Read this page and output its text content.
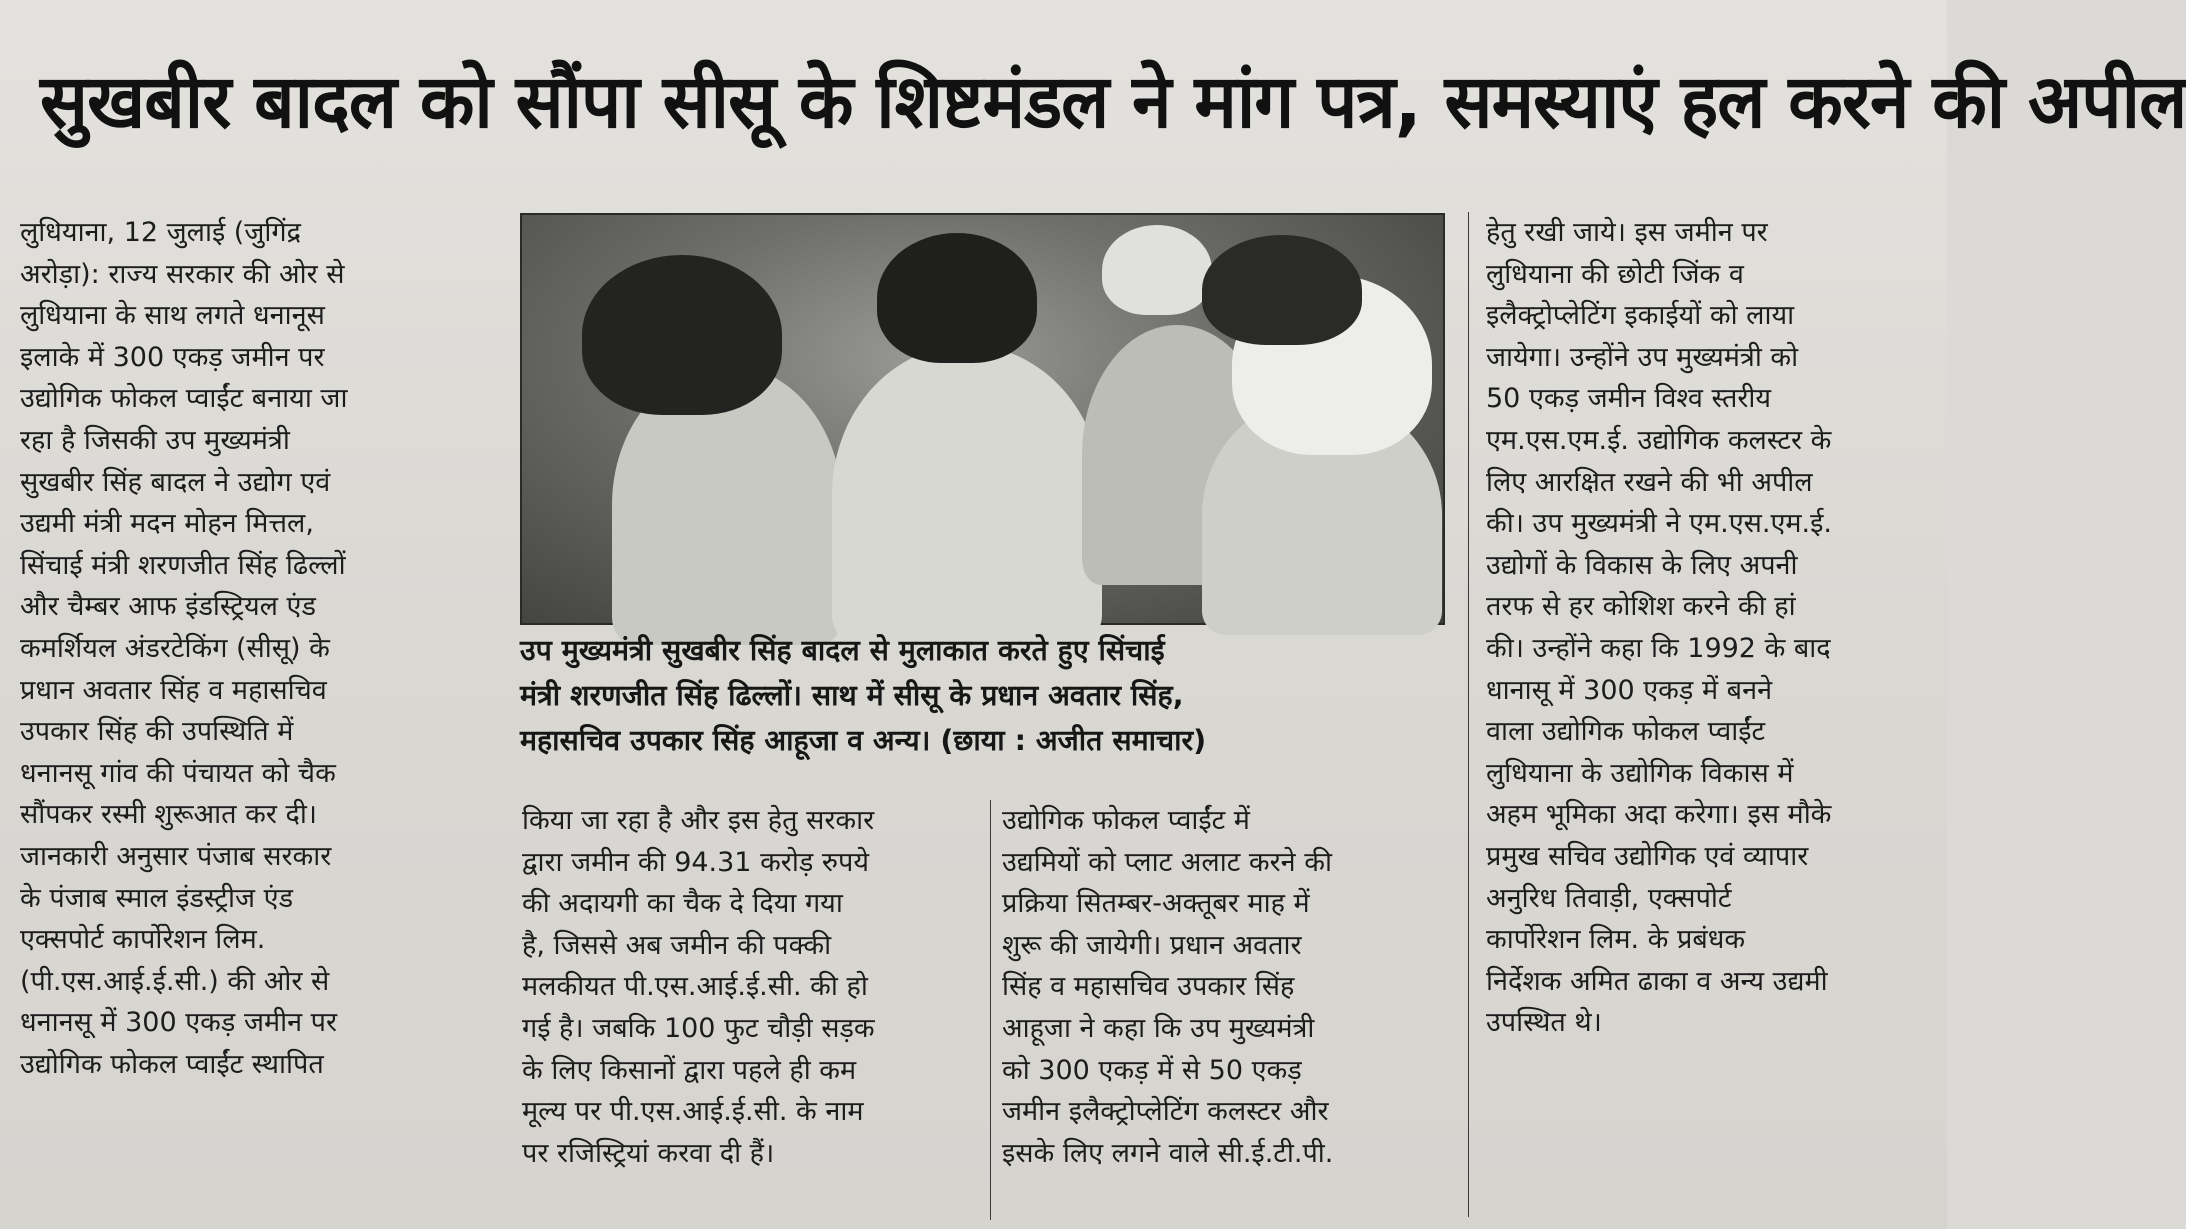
सुखबीर बादल को सौंपा सीसू के शिष्टमंडल ने मांग पत्र, समस्याएं हल करने की अपील

लुधियाना, 12 जुलाई (जुगिंद्र

अरोड़ा): राज्य सरकार की ओर से

लुधियाना के साथ लगते धनानूस

इलाके में 300 एकड़ जमीन पर

उद्योगिक फोकल प्वाईंट बनाया जा

रहा है जिसकी उप मुख्यमंत्री

सुखबीर सिंह बादल ने उद्योग एवं

उद्यमी मंत्री मदन मोहन मित्तल,

सिंचाई मंत्री शरणजीत सिंह ढिल्लों

और चैम्बर आफ इंडस्ट्रियल एंड

कमर्शियल अंडरटेकिंग (सीसू) के

प्रधान अवतार सिंह व महासचिव

उपकार सिंह की उपस्थिति में

धनानसू गांव की पंचायत को चैक

सौंपकर रस्मी शुरूआत कर दी।

जानकारी अनुसार पंजाब सरकार

के पंजाब स्माल इंडस्ट्रीज एंड

एक्सपोर्ट कार्पोरेशन लिम.

(पी.एस.आई.ई.सी.) की ओर से

धनानसू में 300 एकड़ जमीन पर

उद्योगिक फोकल प्वाईंट स्थापित

उप मुख्यमंत्री सुखबीर सिंह बादल से मुलाकात करते हुए सिंचाई
मंत्री शरणजीत सिंह ढिल्लों। साथ में सीसू के प्रधान अवतार सिंह,
महासचिव उपकार सिंह आहूजा व अन्य। (छाया : अजीत समाचार)

किया जा रहा है और इस हेतु सरकार

द्वारा जमीन की 94.31 करोड़ रुपये

की अदायगी का चैक दे दिया गया

है, जिससे अब जमीन की पक्की

मलकीयत पी.एस.आई.ई.सी. की हो

गई है। जबकि 100 फुट चौड़ी सड़क

के लिए किसानों द्वारा पहले ही कम

मूल्य पर पी.एस.आई.ई.सी. के नाम

पर रजिस्ट्रियां करवा दी हैं।

उद्योगिक फोकल प्वाईंट में

उद्यमियों को प्लाट अलाट करने की

प्रक्रिया सितम्बर-अक्तूबर माह में

शुरू की जायेगी। प्रधान अवतार

सिंह व महासचिव उपकार सिंह

आहूजा ने कहा कि उप मुख्यमंत्री

को 300 एकड़ में से 50 एकड़

जमीन इलैक्ट्रोप्लेटिंग कलस्टर और

इसके लिए लगने वाले सी.ई.टी.पी.

हेतु रखी जाये। इस जमीन पर

लुधियाना की छोटी जिंक व

इलैक्ट्रोप्लेटिंग इकाईयों को लाया

जायेगा। उन्होंने उप मुख्यमंत्री को

50 एकड़ जमीन विश्व स्तरीय

एम.एस.एम.ई. उद्योगिक कलस्टर के

लिए आरक्षित रखने की भी अपील

की। उप मुख्यमंत्री ने एम.एस.एम.ई.

उद्योगों के विकास के लिए अपनी

तरफ से हर कोशिश करने की हां

की। उन्होंने कहा कि 1992 के बाद

धानासू में 300 एकड़ में बनने

वाला उद्योगिक फोकल प्वाईंट

लुधियाना के उद्योगिक विकास में

अहम भूमिका अदा करेगा। इस मौके

प्रमुख सचिव उद्योगिक एवं व्यापार

अनुरिध तिवाड़ी, एक्सपोर्ट

कार्पोरेशन लिम. के प्रबंधक

निर्देशक अमित ढाका व अन्य उद्यमी

उपस्थित थे।
